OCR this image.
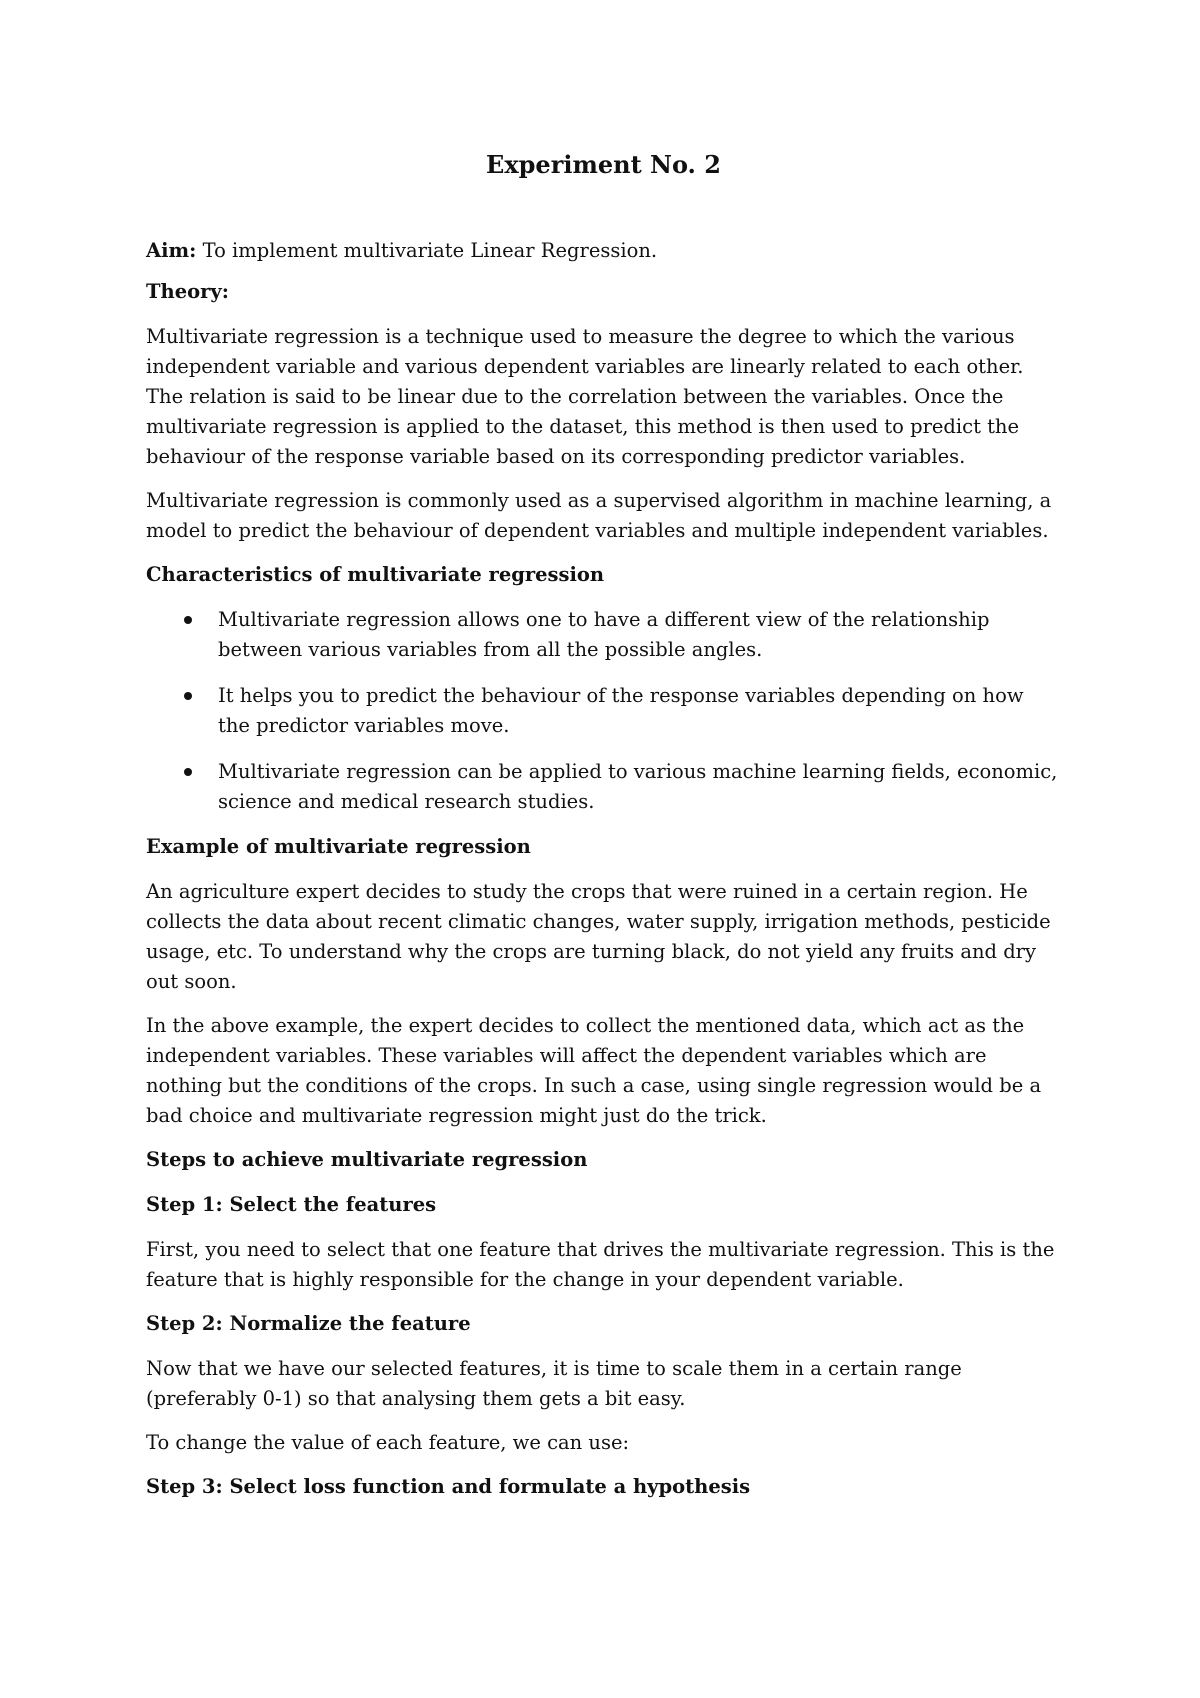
Experiment No. 2

Aim: To implement multivariate Linear Regression.

Theory:

Multivariate regression is a technique used to measure the degree to which the various independent variable and various dependent variables are linearly related to each other. The relation is said to be linear due to the correlation between the variables. Once the multivariate regression is applied to the dataset, this method is then used to predict the behaviour of the response variable based on its corresponding predictor variables.

Multivariate regression is commonly used as a supervised algorithm in machine learning, a model to predict the behaviour of dependent variables and multiple independent variables.

Characteristics of multivariate regression

Multivariate regression allows one to have a different view of the relationship between various variables from all the possible angles.
It helps you to predict the behaviour of the response variables depending on how the predictor variables move.
Multivariate regression can be applied to various machine learning fields, economic, science and medical research studies.

Example of multivariate regression

An agriculture expert decides to study the crops that were ruined in a certain region. He collects the data about recent climatic changes, water supply, irrigation methods, pesticide usage, etc. To understand why the crops are turning black, do not yield any fruits and dry out soon.

In the above example, the expert decides to collect the mentioned data, which act as the independent variables. These variables will affect the dependent variables which are nothing but the conditions of the crops. In such a case, using single regression would be a bad choice and multivariate regression might just do the trick.

Steps to achieve multivariate regression

Step 1: Select the features

First, you need to select that one feature that drives the multivariate regression. This is the feature that is highly responsible for the change in your dependent variable.

Step 2: Normalize the feature

Now that we have our selected features, it is time to scale them in a certain range (preferably 0-1) so that analysing them gets a bit easy.

To change the value of each feature, we can use:

Step 3: Select loss function and formulate a hypothesis
